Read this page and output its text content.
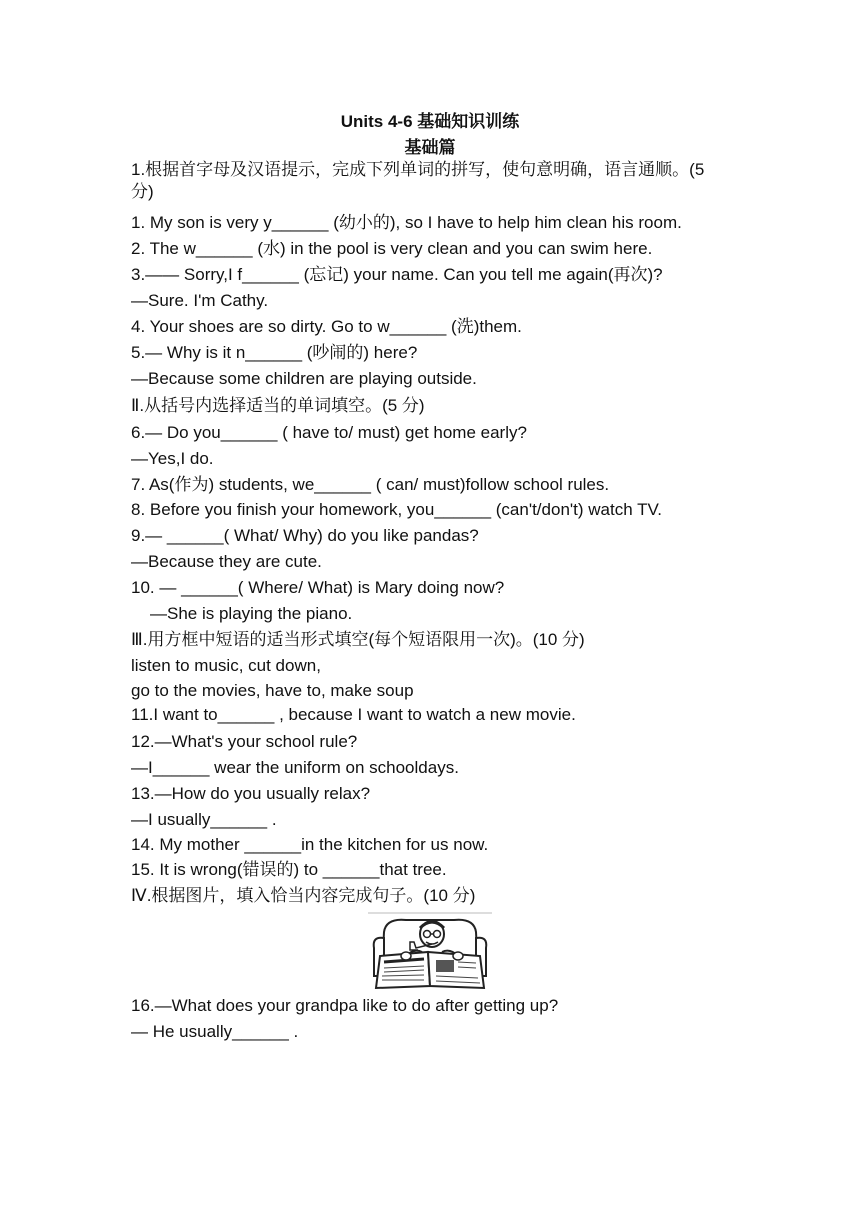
Units 4-6 基础知识训练
基础篇
1.根据首字母及汉语提示，完成下列单词的拼写，使句意明确，语言通顺。(5 分)
1. My son is very y______ (幼小的), so I have to help him clean his room.
2. The w______ (水) in the pool is very clean and you can swim here.
3.—— Sorry,I f______ (忘记) your name. Can you tell me again(再次)?
—Sure. I'm Cathy.
4. Your shoes are so dirty. Go to w______ (洗)them.
5.— Why is it n______ (吵闹的) here?
—Because some children are playing outside.
Ⅱ.从括号内选择适当的单词填空。(5 分)
6.— Do you______ ( have to/ must) get home early?
—Yes,I do.
7. As(作为) students, we______ ( can/ must)follow school rules.
8. Before you finish your homework, you______ (can't/don't) watch TV.
9.— ______( What/ Why) do you like pandas?
—Because they are cute.
10. — ______( Where/ What) is Mary doing now?
—She is playing the piano.
Ⅲ.用方框中短语的适当形式填空(每个短语限用一次)。(10 分)
listen to music, cut down,
go to the movies, have to, make soup
11.I want to______ , because I want to watch a new movie.
12.—What's your school rule?
—I______ wear the uniform on schooldays.
13.—How do you usually relax?
—I usually______ .
14. My mother ______in the kitchen for us now.
15. It is wrong(错误的) to ______that tree.
Ⅳ.根据图片，填入恰当内容完成句子。(10 分)
16.—What does your grandpa like to do after getting up?
— He usually______ .
